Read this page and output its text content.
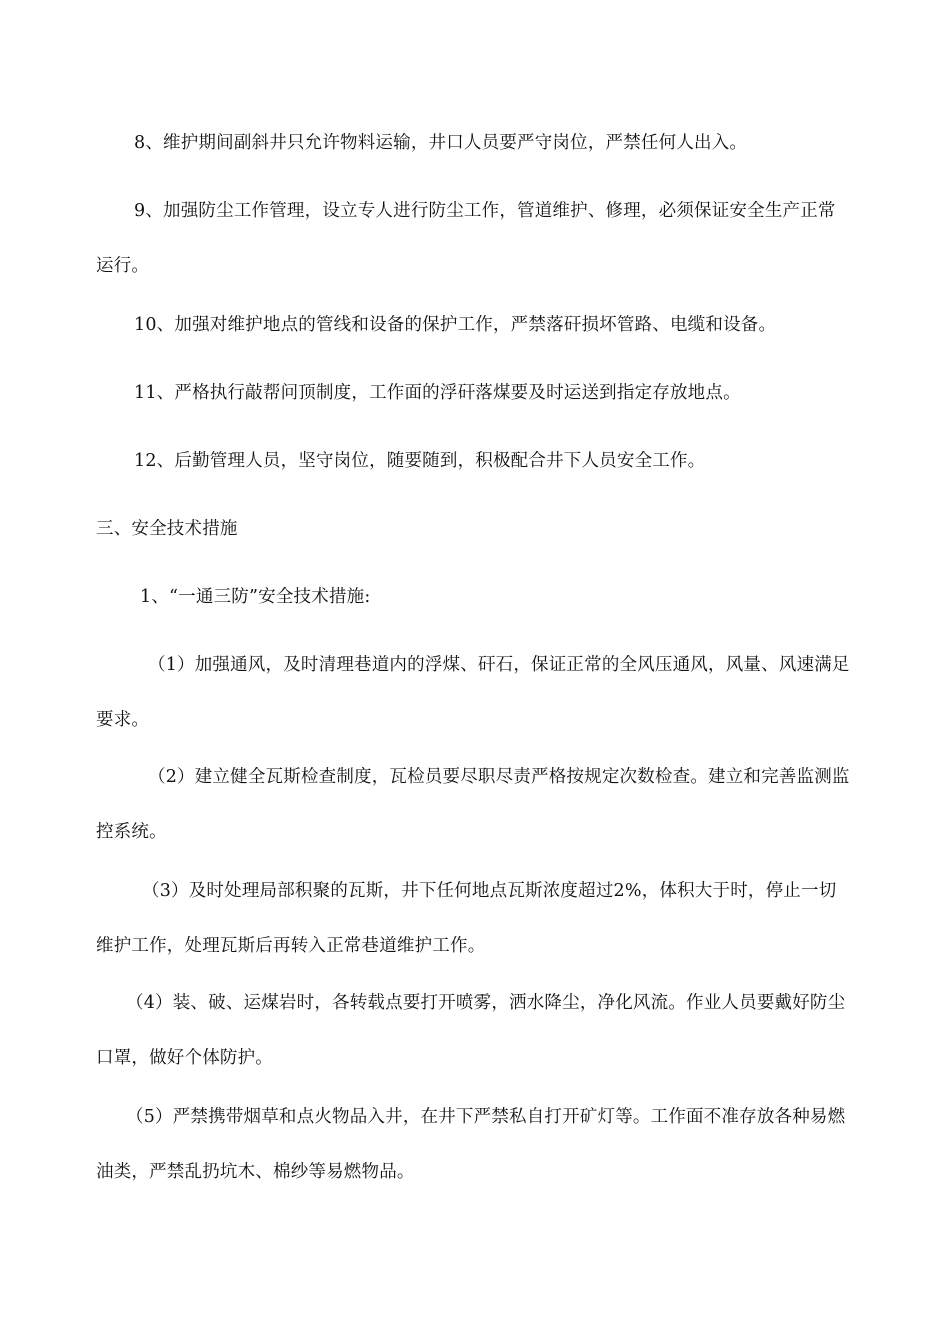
8、维护期间副斜井只允许物料运输，井口人员要严守岗位，严禁任何人出入。

9、加强防尘工作管理，设立专人进行防尘工作，管道维护、修理，必须保证安全生产正常运行。

10、加强对维护地点的管线和设备的保护工作，严禁落矸损坏管路、电缆和设备。

11、严格执行敲帮问顶制度，工作面的浮矸落煤要及时运送到指定存放地点。

12、后勤管理人员，坚守岗位，随要随到，积极配合井下人员安全工作。

三、安全技术措施

1、“一通三防”安全技术措施:

（1）加强通风，及时清理巷道内的浮煤、矸石，保证正常的全风压通风，风量、风速满足要求。

（2）建立健全瓦斯检查制度，瓦检员要尽职尽责严格按规定次数检查。建立和完善监测监控系统。

（3）及时处理局部积聚的瓦斯，井下任何地点瓦斯浓度超过2%，体积大于时，停止一切维护工作，处理瓦斯后再转入正常巷道维护工作。

（4）装、破、运煤岩时，各转载点要打开喷雾，洒水降尘，净化风流。作业人员要戴好防尘口罩，做好个体防护。

（5）严禁携带烟草和点火物品入井，在井下严禁私自打开矿灯等。工作面不准存放各种易燃油类，严禁乱扔坑木、棉纱等易燃物品。
